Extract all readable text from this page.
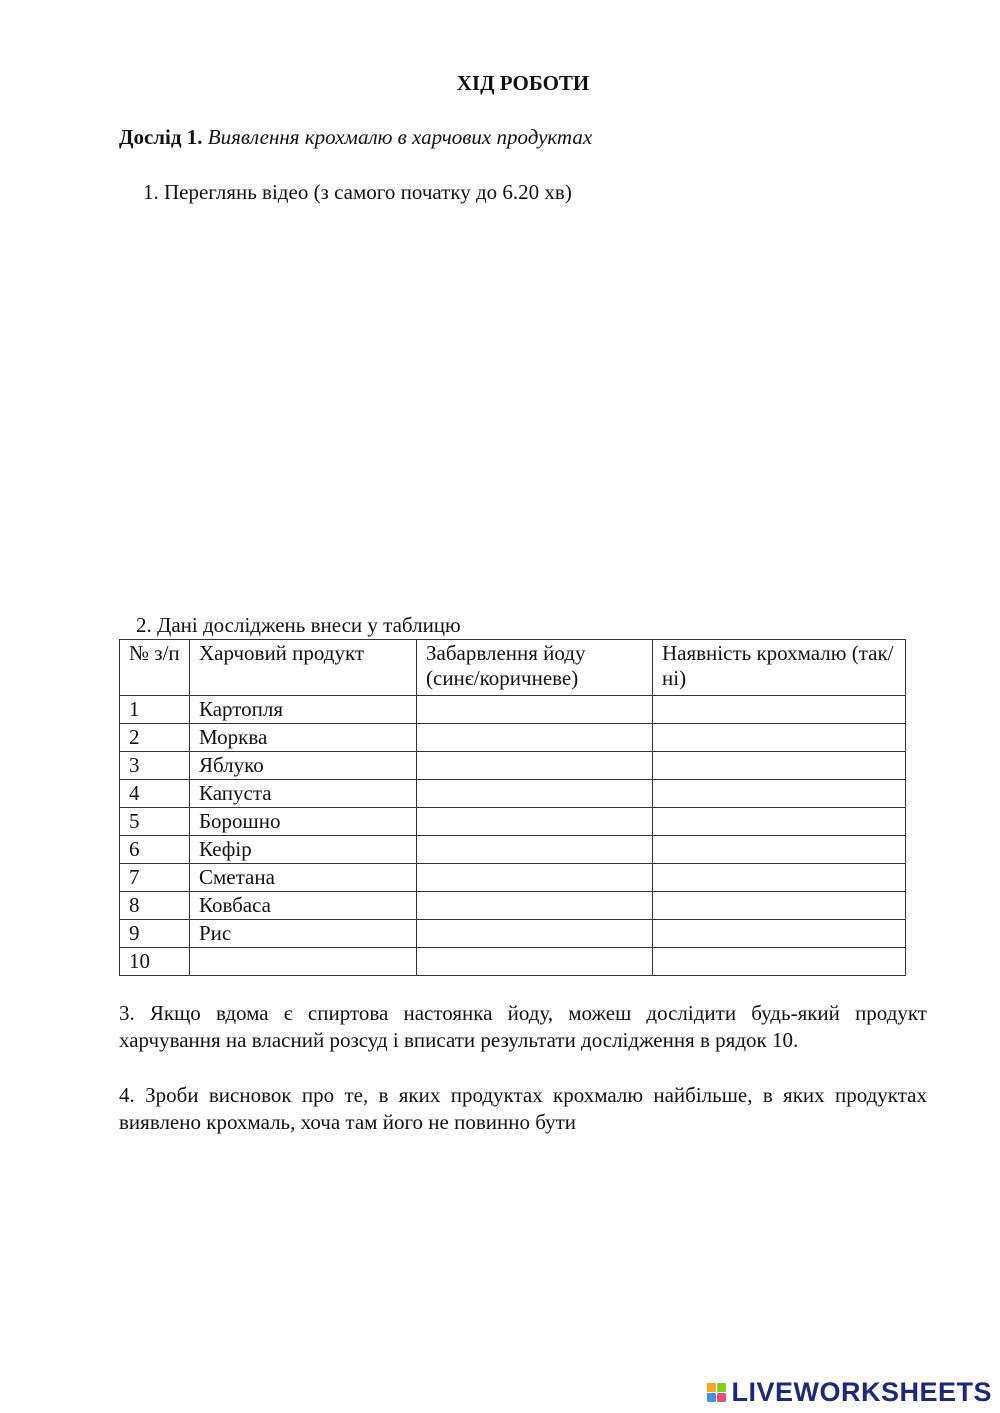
ХІД РОБОТИ
Дослід 1. Виявлення крохмалю в харчових продуктах
1. Переглянь відео (з самого початку до 6.20 хв)
2. Дані досліджень внеси у таблицю
№ з/п	Харчовий продукт	Забарвлення йоду (синє/коричневе)	Наявність крохмалю (так/ні)
1	Картопля		
2	Морква		
3	Яблуко		
4	Капуста		
5	Борошно		
6	Кефір		
7	Сметана		
8	Ковбаса		
9	Рис		
10			
3. Якщо вдома є спиртова настоянка йоду, можеш дослідити будь-який продукт харчування на власний розсуд і вписати результати дослідження в рядок 10.
4. Зроби висновок про те, в яких продуктах крохмалю найбільше, в яких продуктах виявлено крохмаль, хоча там його не повинно бути
LIVEWORKSHEETS
